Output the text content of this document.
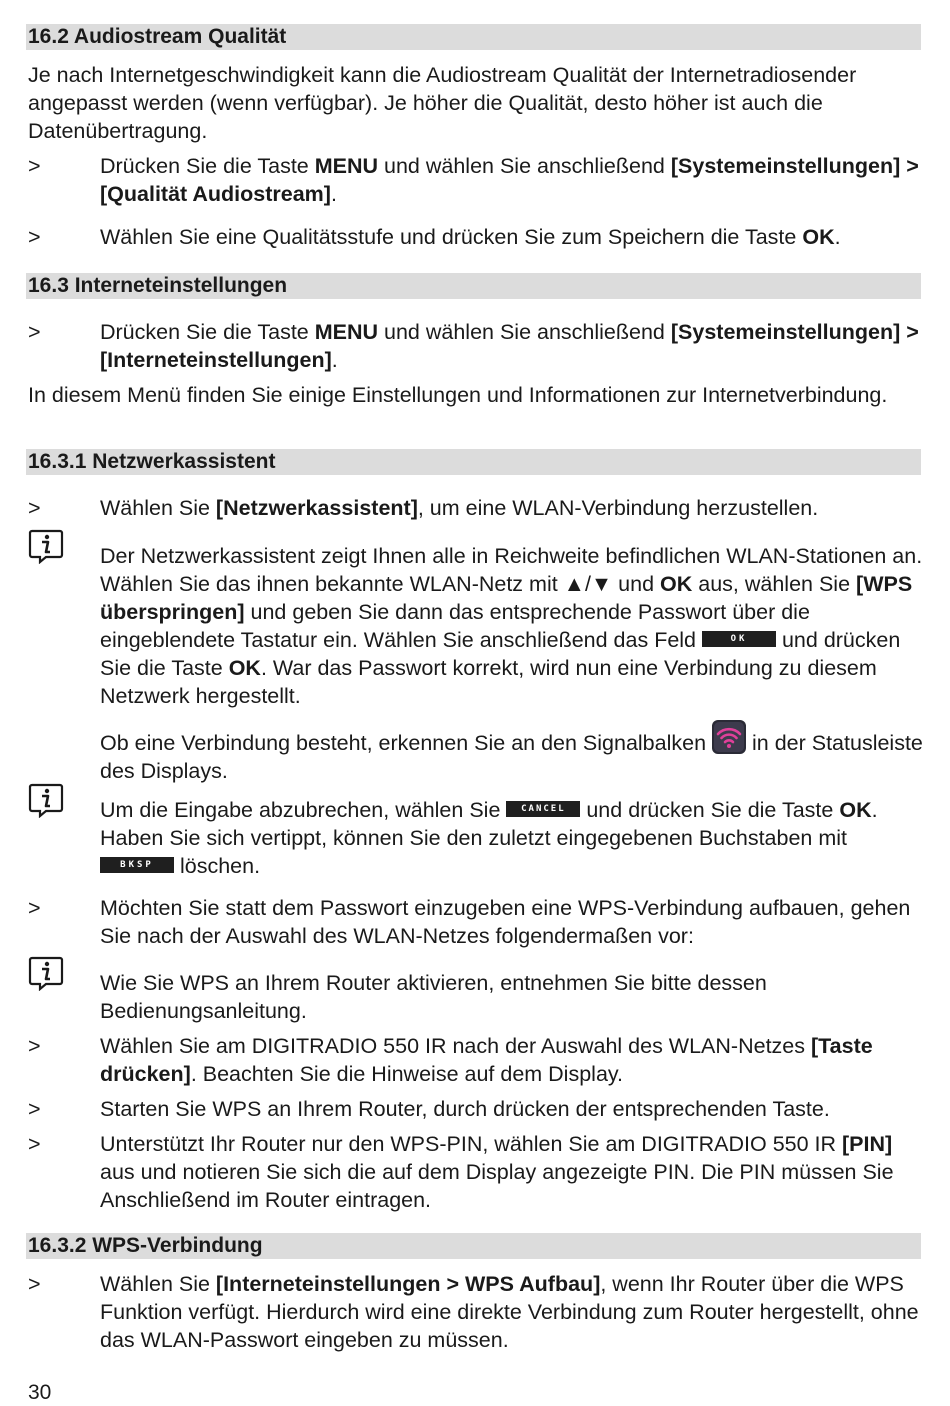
16.2 Audiostream Qualität

Je nach Internetgeschwindigkeit kann die Audiostream Qualität der Internetradiosender angepasst werden (wenn verfügbar). Je höher die Qualität, desto höher ist auch die Datenübertragung.

>	Drücken Sie die Taste MENU und wählen Sie anschließend [Systemeinstellungen] > [Qualität Audiostream].
>	Wählen Sie eine Qualitätsstufe und drücken Sie zum Speichern die Taste OK.
16.3 Interneteinstellungen
>	Drücken Sie die Taste MENU und wählen Sie anschließend [Systemeinstellungen] > [Interneteinstellungen].

In diesem Menü finden Sie einige Einstellungen und Informationen zur Internetverbindung.

16.3.1 Netzwerkassistent
>	Wählen Sie [Netzwerkassistent], um eine WLAN-Verbindung herzustellen.
Der Netzwerkassistent zeigt Ihnen alle in Reichweite befindlichen WLAN-Stationen an. Wählen Sie das ihnen bekannte WLAN-Netz mit ▲/▼ und OK aus, wählen Sie [WPS überspringen] und geben Sie dann das entsprechende Passwort über die eingeblendete Tastatur ein. Wählen Sie anschließend das Feld	OK und drücken Sie die Taste OK. War das Passwort korrekt, wird nun eine Verbindung zu diesem Netzwerk hergestellt.
Ob eine Verbindung besteht, erkennen Sie an den Signalbalken  in der Statusleiste des Displays.
Um die Eingabe abzubrechen, wählen Sie CANCEL und drücken Sie die Taste OK. Haben Sie sich vertippt, können Sie den zuletzt eingegebenen Buchstaben mit BKSP löschen.
>	Möchten Sie statt dem Passwort einzugeben eine WPS-Verbindung aufbauen, gehen Sie nach der Auswahl des WLAN-Netzes folgendermaßen vor:
Wie Sie WPS an Ihrem Router aktivieren, entnehmen Sie bitte dessen Bedienungsanleitung.
>	Wählen Sie am DIGITRADIO 550 IR nach der Auswahl des WLAN-Netzes [Taste drücken]. Beachten Sie die Hinweise auf dem Display.
>	Starten Sie WPS an Ihrem Router, durch drücken der entsprechenden Taste.
>	Unterstützt Ihr Router nur den WPS-PIN, wählen Sie am DIGITRADIO 550 IR [PIN] aus und notieren Sie sich die auf dem Display angezeigte PIN. Die PIN müssen Sie Anschließend im Router eintragen.
16.3.2 WPS-Verbindung
>	Wählen Sie [Interneteinstellungen > WPS Aufbau], wenn Ihr Router über die WPS Funktion verfügt. Hierdurch wird eine direkte Verbindung zum Router hergestellt, ohne das WLAN-Passwort eingeben zu müssen.
30
